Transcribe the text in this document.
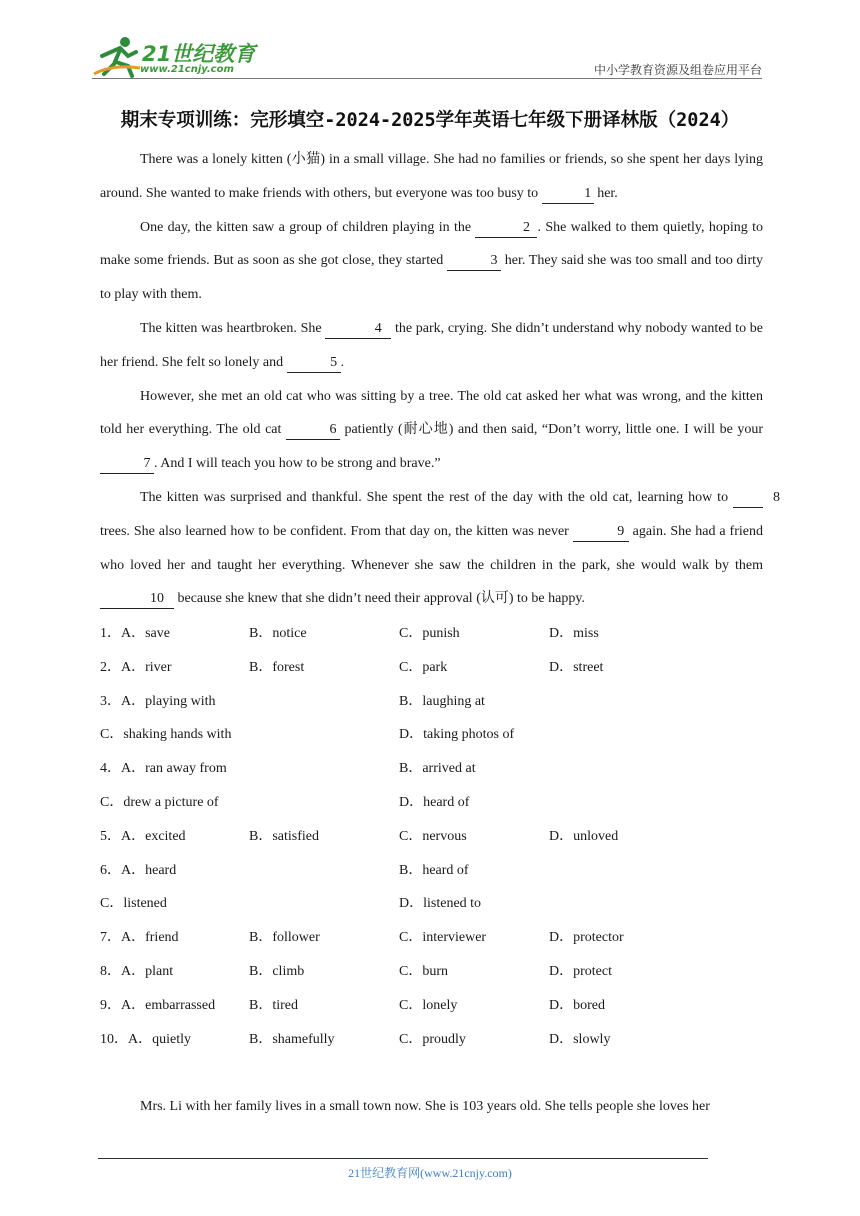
21世纪教育
www.21cnjy.com	中小学教育资源及组卷应用平台
期末专项训练：完形填空-2024-2025学年英语七年级下册译林版（2024）

There was a lonely kitten (小猫) in a small village. She had no families or friends, so she spent her days lying around. She wanted to make friends with others, but everyone was too busy to	1 her.

One day, the kitten saw a group of children playing in the	2 . She walked to them quietly, hoping to make some friends. But as soon as she got close, they started	3 her. They said she was too small and too dirty to play with them.

The kitten was heartbroken. She	4 the park, crying. She didn’t understand why nobody wanted to be her friend. She felt so lonely and	5 .

However, she met an old cat who was sitting by a tree. The old cat asked her what was wrong, and the kitten told her everything. The old cat	6 patiently (耐心地) and then said, “Don’t worry, little one. I will be your 7 . And I will teach you how to be strong and brave.”

The kitten was surprised and thankful. She spent the rest of the day with the old cat, learning how to	8 trees. She also learned how to be confident. From that day on, the kitten was never	9 again. She had a friend who loved her and taught her everything. Whenever she saw the children in the park, she would walk by them 10 because she knew that she didn’t need their approval (认可) to be happy.

1．A．save	B．notice	C．punish	D．miss
2．A．river	B．forest	C．park	D．street
3．A．playing with	B．laughing at
C．shaking hands with	D．taking photos of
4．A．ran away from	B．arrived at
C．drew a picture of	D．heard of
5．A．excited	B．satisfied	C．nervous	D．unloved
6．A．heard	B．heard of
C．listened	D．listened to
7．A．friend	B．follower	C．interviewer	D．protector
8．A．plant	B．climb	C．burn	D．protect
9．A．embarrassed B．tired	C．lonely	D．bored
10．A．quietly	B．shamefully	C．proudly	D．slowly

Mrs. Li with her family lives in a small town now. She is 103 years old. She tells people she loves her

21世纪教育网(www.21cnjy.com)
